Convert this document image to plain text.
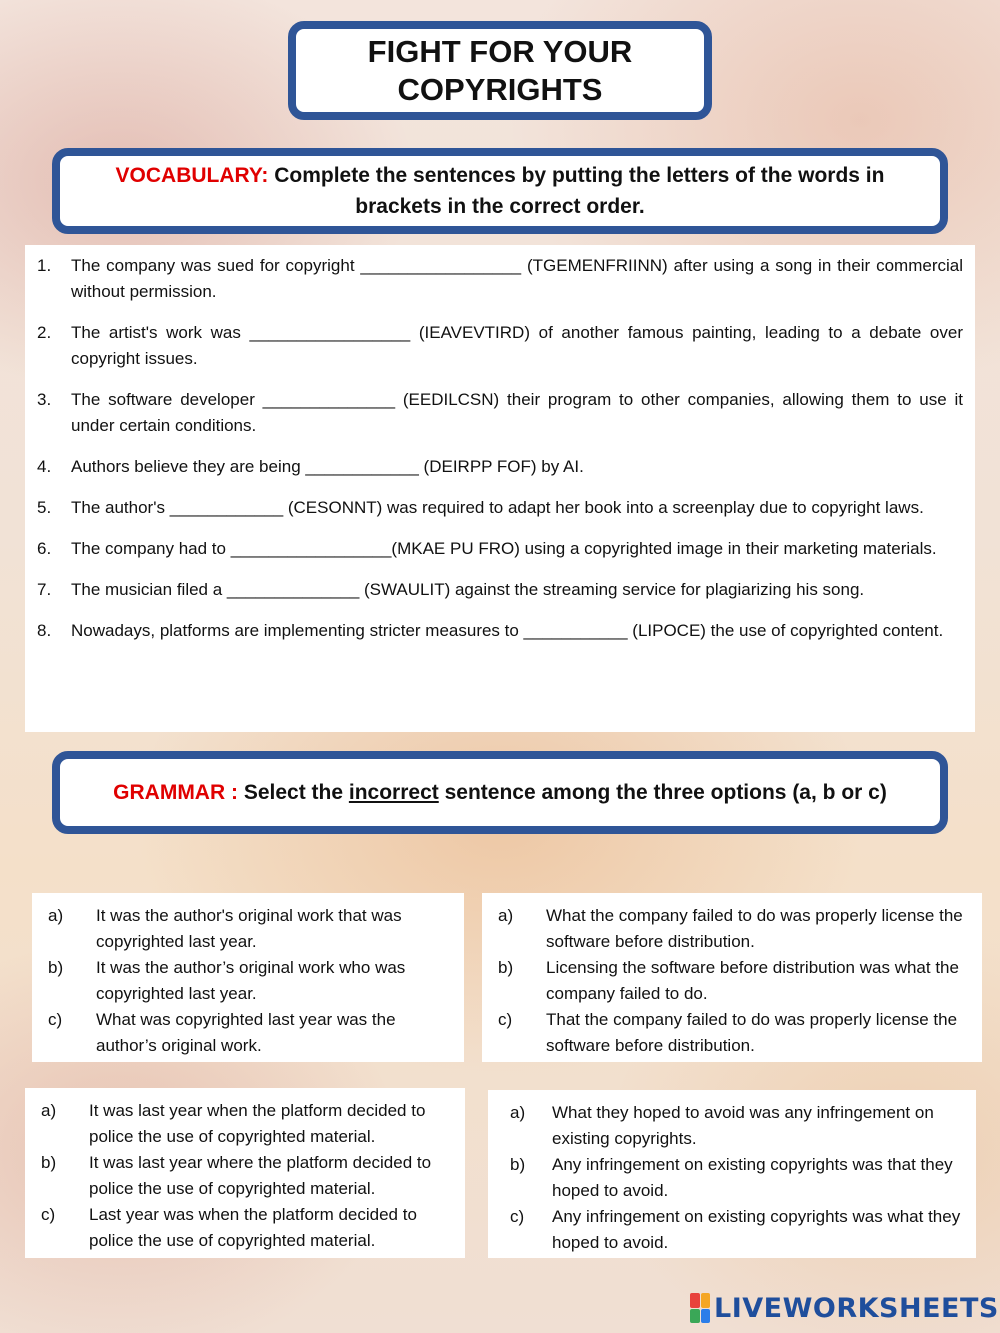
FIGHT FOR YOUR
COPYRIGHTS
VOCABULARY: Complete the sentences by putting the letters of the words in brackets in the correct order.
1.	The company was sued for copyright _________________ (TGEMENFRIINN) after using a song in their commercial without permission.
2.	The artist's work was _________________ (IEAVEVTIRD) of another famous painting, leading to a debate over copyright issues.
3.	The software developer ______________ (EEDILCSN) their program to other companies, allowing them to use it under certain conditions.
4.	Authors believe they are being ____________ (DEIRPP FOF) by AI.
5.	The author's ____________ (CESONNT) was required to adapt her book into a screenplay due to copyright laws.
6.	The company had to _________________(MKAE PU FRO) using a copyrighted image in their marketing materials.
7.	The musician filed a ______________ (SWAULIT) against the streaming service for plagiarizing his song.
8.	Nowadays, platforms are implementing stricter measures to ___________ (LIPOCE) the use of copyrighted content.
GRAMMAR : Select the incorrect sentence among the three options (a, b or c)
a)	It was the author's original work that was copyrighted last year.
b)	It was the author’s original work who was copyrighted last year.
c)	What was copyrighted last year was the author’s original work.
a)	What the company failed to do was properly license the software before distribution.
b)	Licensing the software before distribution was what the company failed to do.
c)	That the company failed to do was properly license the software before distribution.
a)	It was last year when the platform decided to police the use of copyrighted material.
b)	It was last year where the platform decided to police the use of copyrighted material.
c)	Last year was when the platform decided to police the use of copyrighted material.
a)	What they hoped to avoid was any infringement on existing copyrights.
b)	Any infringement on existing copyrights was that they hoped to avoid.
c)	Any infringement on existing copyrights was what they hoped to avoid.
LIVEWORKSHEETS
